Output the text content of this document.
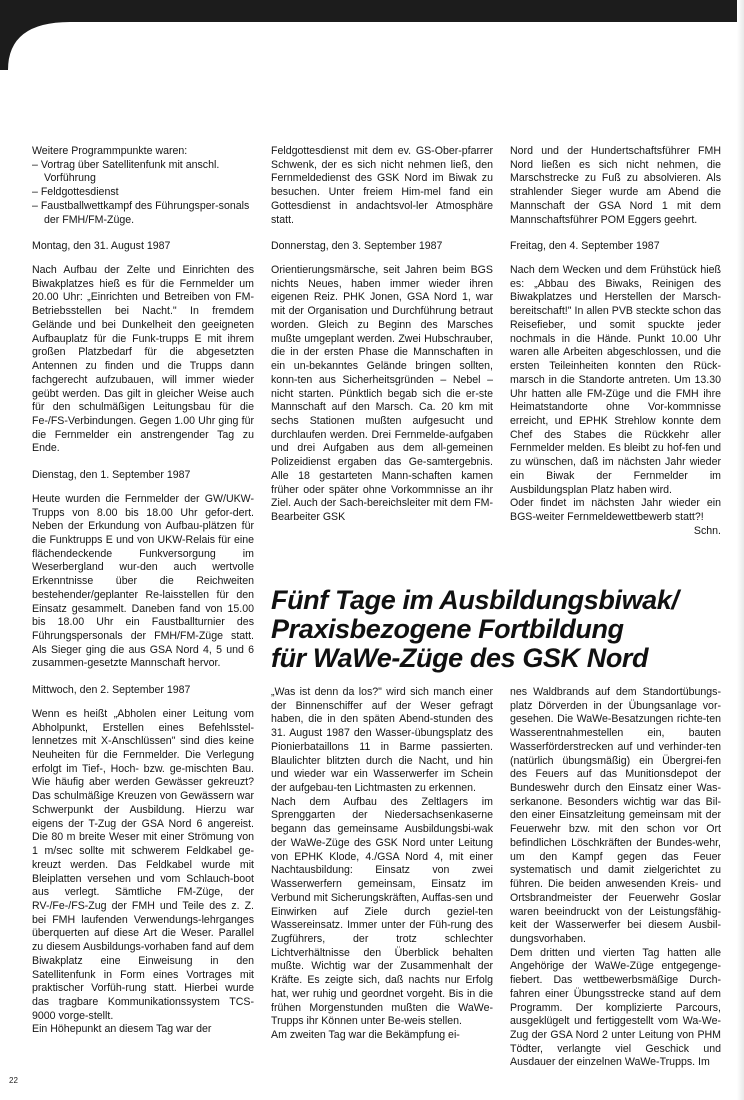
Weitere Programmpunkte waren:

– Vortrag über Satellitenfunk mit anschl. Vorführung

– Feldgottesdienst

– Faustballwettkampf des Führungsper-sonals der FMH/FM-Züge.

Montag, den 31. August 1987

Nach Aufbau der Zelte und Einrichten des Biwakplatzes hieß es für die Fernmelder um 20.00 Uhr: „Einrichten und Betreiben von FM-Betriebsstellen bei Nacht." In fremdem Gelände und bei Dunkelheit den geeigneten Aufbauplatz für die Funk-trupps E mit ihrem großen Platzbedarf für die abgesetzten Antennen zu finden und die Trupps dann fachgerecht aufzubauen, will immer wieder geübt werden. Das gilt in gleicher Weise auch für den schulmäßigen Leitungsbau für die Fe-/FS-Verbindungen. Gegen 1.00 Uhr ging für die Fernmelder ein anstrengender Tag zu Ende.

Dienstag, den 1. September 1987

Heute wurden die Fernmelder der GW/UKW-Trupps von 8.00 bis 18.00 Uhr gefor-dert. Neben der Erkundung von Aufbau-plätzen für die Funktrupps E und von UKW-Relais für eine flächendeckende Funkversorgung im Weserbergland wur-den auch wertvolle Erkenntnisse über die Reichweiten bestehender/geplanter Re-laisstellen für den Einsatz gesammelt. Daneben fand von 15.00 bis 18.00 Uhr ein Faustballturnier des Führungspersonals der FMH/FM-Züge statt. Als Sieger ging die aus GSA Nord 4, 5 und 6 zusammen-gesetzte Mannschaft hervor.

Mittwoch, den 2. September 1987

Wenn es heißt „Abholen einer Leitung vom Abholpunkt, Erstellen eines Befehlsstel-lennetzes mit X-Anschlüssen" sind dies keine Neuheiten für die Fernmelder. Die Verlegung erfolgt im Tief-, Hoch- bzw. ge-mischten Bau. Wie häufig aber werden Gewässer gekreuzt? Das schulmäßige Kreuzen von Gewässern war Schwerpunkt der Ausbildung. Hierzu war eigens der T-Zug der GSA Nord 6 angereist. Die 80 m breite Weser mit einer Strömung von 1 m/sec sollte mit schwerem Feldkabel ge-kreuzt werden. Das Feldkabel wurde mit Bleiplatten versehen und vom Schlauch-boot aus verlegt. Sämtliche FM-Züge, der RV-/Fe-/FS-Zug der FMH und Teile des z. Z. bei FMH laufenden Verwendungs-lehrganges überquerten auf diese Art die Weser. Parallel zu diesem Ausbildungs-vorhaben fand auf dem Biwakplatz eine Einweisung in den Satellitenfunk in Form eines Vortrages mit praktischer Vorfüh-rung statt. Hierbei wurde das tragbare Kommunikationssystem TCS-9000 vorge-stellt.

Ein Höhepunkt an diesem Tag war der

Feldgottesdienst mit dem ev. GS-Ober-pfarrer Schwenk, der es sich nicht nehmen ließ, den Fernmeldedienst des GSK Nord im Biwak zu besuchen. Unter freiem Him-mel fand ein Gottesdienst in andachtsvol-ler Atmosphäre statt.

Donnerstag, den 3. September 1987

Orientierungsmärsche, seit Jahren beim BGS nichts Neues, haben immer wieder ihren eigenen Reiz. PHK Jonen, GSA Nord 1, war mit der Organisation und Durchführung betraut worden. Gleich zu Beginn des Marsches mußte umgeplant werden. Zwei Hubschrauber, die in der ersten Phase die Mannschaften in ein un-bekanntes Gelände bringen sollten, konn-ten aus Sicherheitsgründen – Nebel – nicht starten. Pünktlich begab sich die er-ste Mannschaft auf den Marsch. Ca. 20 km mit sechs Stationen mußten aufgesucht und durchlaufen werden. Drei Fernmelde-aufgaben und drei Aufgaben aus dem all-gemeinen Polizeidienst ergaben das Ge-samtergebnis. Alle 18 gestarteten Mann-schaften kamen früher oder später ohne Vorkommnisse an ihr Ziel. Auch der Sach-bereichsleiter mit dem FM-Bearbeiter GSK

Nord und der Hundertschaftsführer FMH Nord ließen es sich nicht nehmen, die Marschstrecke zu Fuß zu absolvieren. Als strahlender Sieger wurde am Abend die Mannschaft der GSA Nord 1 mit dem Mannschaftsführer POM Eggers geehrt.

Freitag, den 4. September 1987

Nach dem Wecken und dem Frühstück hieß es: „Abbau des Biwaks, Reinigen des Biwakplatzes und Herstellen der Marsch-bereitschaft!" In allen PVB steckte schon das Reisefieber, und somit spuckte jeder nochmals in die Hände. Punkt 10.00 Uhr waren alle Arbeiten abgeschlossen, und die ersten Teileinheiten konnten den Rück-marsch in die Standorte antreten. Um 13.30 Uhr hatten alle FM-Züge und die FMH ihre Heimatstandorte ohne Vor-kommnisse erreicht, und EPHK Strehlow konnte dem Chef des Stabes die Rückkehr aller Fernmelder melden. Es bleibt zu hof-fen und zu wünschen, daß im nächsten Jahr wieder ein Biwak der Fernmelder im Ausbildungsplan Platz haben wird.

Oder findet im nächsten Jahr wieder ein BGS-weiter Fernmeldewettbewerb statt?!

Schn.

Fünf Tage im Ausbildungsbiwak/
Praxisbezogene Fortbildung
für WaWe-Züge des GSK Nord

„Was ist denn da los?" wird sich manch einer der Binnenschiffer auf der Weser gefragt haben, die in den späten Abend-stunden des 31. August 1987 den Wasser-übungsplatz des Pionierbataillons 11 in Barme passierten. Blaulichter blitzten durch die Nacht, und hin und wieder war ein Wasserwerfer im Schein der aufgebau-ten Lichtmasten zu erkennen.

Nach dem Aufbau des Zeltlagers im Sprenggarten der Niedersachsenkaserne begann das gemeinsame Ausbildungsbi-wak der WaWe-Züge des GSK Nord unter Leitung von EPHK Klode, 4./GSA Nord 4, mit einer Nachtausbildung: Einsatz von zwei Wasserwerfern gemeinsam, Einsatz im Verbund mit Sicherungskräften, Auffas-sen und Einwirken auf Ziele durch geziel-ten Wassereinsatz. Immer unter der Füh-rung des Zugführers, der trotz schlechter Lichtverhältnisse den Überblick behalten mußte. Wichtig war der Zusammenhalt der Kräfte. Es zeigte sich, daß nachts nur Erfolg hat, wer ruhig und geordnet vorgeht. Bis in die frühen Morgenstunden mußten die WaWe-Trupps ihr Können unter Be-weis stellen.

Am zweiten Tag war die Bekämpfung ei-

nes Waldbrands auf dem Standortübungs-platz Dörverden in der Übungsanlage vor-gesehen. Die WaWe-Besatzungen richte-ten Wasserentnahmestellen ein, bauten Wasserförderstrecken auf und verhinder-ten (natürlich übungsmäßig) ein Übergrei-fen des Feuers auf das Munitionsdepot der Bundeswehr durch den Einsatz einer Was-serkanone. Besonders wichtig war das Bil-den einer Einsatzleitung gemeinsam mit der Feuerwehr bzw. mit den schon vor Ort befindlichen Löschkräften der Bundes-wehr, um den Kampf gegen das Feuer systematisch und damit zielgerichtet zu führen. Die beiden anwesenden Kreis- und Ortsbrandmeister der Feuerwehr Goslar waren beeindruckt von der Leistungsfähig-keit der Wasserwerfer bei diesem Ausbil-dungsvorhaben.

Dem dritten und vierten Tag hatten alle Angehörige der WaWe-Züge entgegenge-fiebert. Das wettbewerbsmäßige Durch-fahren einer Übungsstrecke stand auf dem Programm. Der komplizierte Parcours, ausgeklügelt und fertiggestellt vom Wa-We-Zug der GSA Nord 2 unter Leitung von PHM Tödter, verlangte viel Geschick und Ausdauer der einzelnen WaWe-Trupps. Im

22
